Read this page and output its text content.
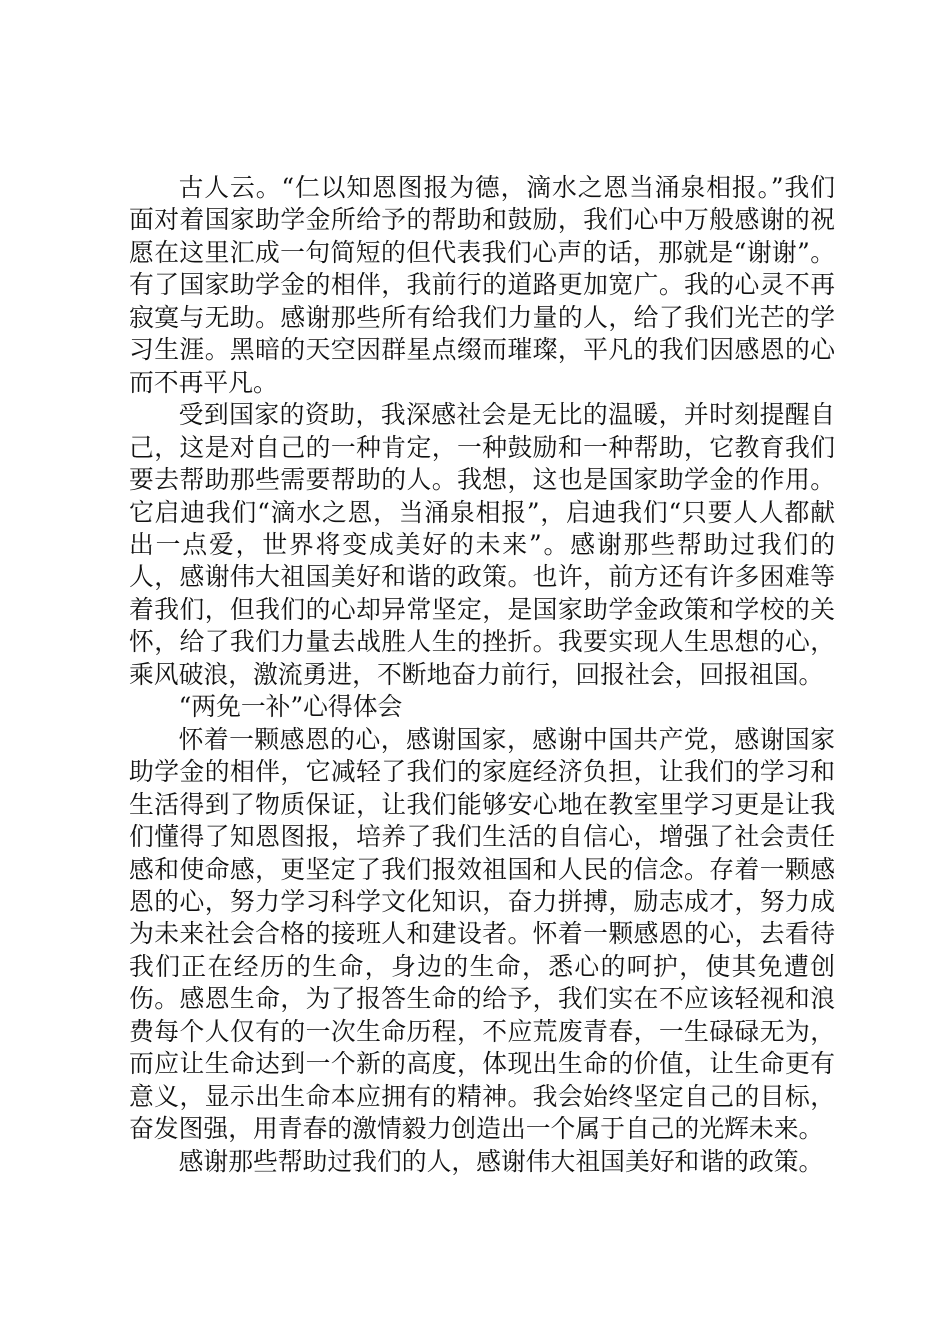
古人云。“仁以知恩图报为德，滴水之恩当涌泉相报。”我们面对着国家助学金所给予的帮助和鼓励，我们心中万般感谢的祝愿在这里汇成一句简短的但代表我们心声的话，那就是“谢谢”。有了国家助学金的相伴，我前行的道路更加宽广。我的心灵不再寂寞与无助。感谢那些所有给我们力量的人，给了我们光芒的学习生涯。黑暗的天空因群星点缀而璀璨，平凡的我们因感恩的心而不再平凡。

受到国家的资助，我深感社会是无比的温暖，并时刻提醒自己，这是对自己的一种肯定，一种鼓励和一种帮助，它教育我们要去帮助那些需要帮助的人。我想，这也是国家助学金的作用。它启迪我们“滴水之恩，当涌泉相报”，启迪我们“只要人人都献出一点爱，世界将变成美好的未来”。感谢那些帮助过我们的人，感谢伟大祖国美好和谐的政策。也许，前方还有许多困难等着我们，但我们的心却异常坚定，是国家助学金政策和学校的关怀，给了我们力量去战胜人生的挫折。我要实现人生思想的心，乘风破浪，激流勇进，不断地奋力前行，回报社会，回报祖国。

“两免一补”心得体会

怀着一颗感恩的心，感谢国家，感谢中国共产党，感谢国家助学金的相伴，它减轻了我们的家庭经济负担，让我们的学习和生活得到了物质保证，让我们能够安心地在教室里学习更是让我们懂得了知恩图报，培养了我们生活的自信心，增强了社会责任感和使命感，更坚定了我们报效祖国和人民的信念。存着一颗感恩的心，努力学习科学文化知识，奋力拼搏，励志成才，努力成为未来社会合格的接班人和建设者。怀着一颗感恩的心，去看待我们正在经历的生命，身边的生命，悉心的呵护，使其免遭创伤。感恩生命，为了报答生命的给予，我们实在不应该轻视和浪费每个人仅有的一次生命历程，不应荒废青春，一生碌碌无为，而应让生命达到一个新的高度，体现出生命的价值，让生命更有意义，显示出生命本应拥有的精神。我会始终坚定自己的目标，奋发图强，用青春的激情毅力创造出一个属于自己的光辉未来。

感谢那些帮助过我们的人，感谢伟大祖国美好和谐的政策。
